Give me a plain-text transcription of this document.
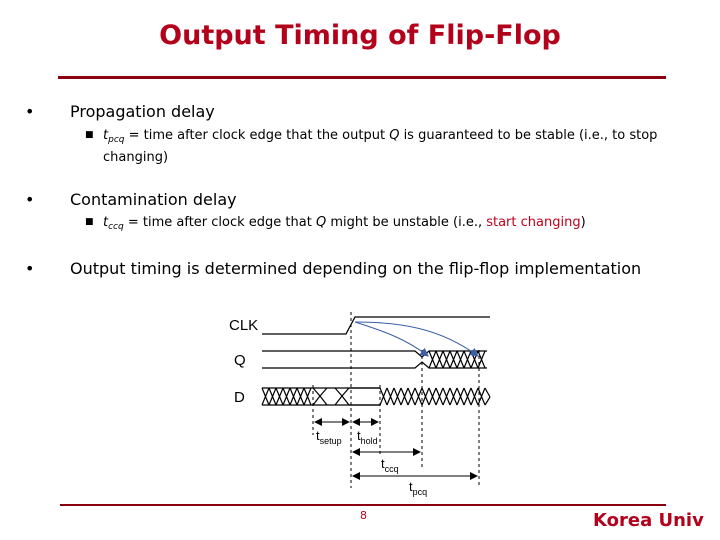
Output Timing of Flip-Flop
• Propagation delay
■ $t_{pcq}$ = time after clock edge that the output Q is guaranteed to be stable (i.e., to stop
changing)
• Contamination delay
■ $t_{ccq}$ = time after clock edge that Q might be unstable (i.e., start changing)
• Output timing is determined depending on the flip-flop implementation
CLK
Q
D
$t_{setup}$ $t_{hold}$
$t_{ccq}$
$t_{pcq}$
8	Korea Univ
